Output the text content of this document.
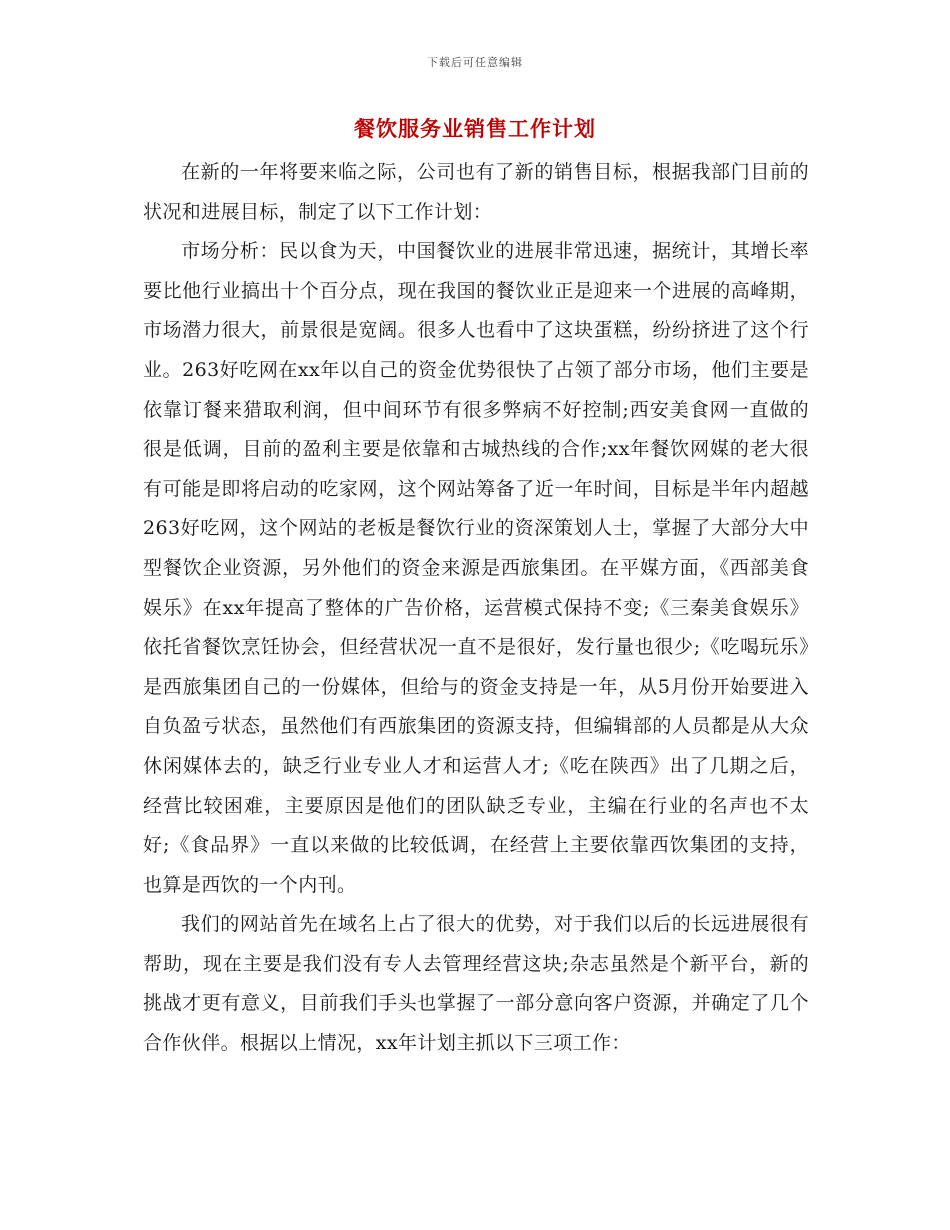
下载后可任意编辑
餐饮服务业销售工作计划

在新的一年将要来临之际，公司也有了新的销售目标，根据我部门目前的状况和进展目标，制定了以下工作计划：

市场分析：民以食为天，中国餐饮业的进展非常迅速，据统计，其增长率要比他行业搞出十个百分点，现在我国的餐饮业正是迎来一个进展的高峰期，市场潜力很大，前景很是宽阔。很多人也看中了这块蛋糕，纷纷挤进了这个行业。263好吃网在xx年以自己的资金优势很快了占领了部分市场，他们主要是依靠订餐来猎取利润，但中间环节有很多弊病不好控制;西安美食网一直做的很是低调，目前的盈利主要是依靠和古城热线的合作;xx年餐饮网媒的老大很有可能是即将启动的吃家网，这个网站筹备了近一年时间，目标是半年内超越263好吃网，这个网站的老板是餐饮行业的资深策划人士，掌握了大部分大中型餐饮企业资源，另外他们的资金来源是西旅集团。在平媒方面，《西部美食娱乐》在xx年提高了整体的广告价格，运营模式保持不变;《三秦美食娱乐》依托省餐饮烹饪协会，但经营状况一直不是很好，发行量也很少;《吃喝玩乐》是西旅集团自己的一份媒体，但给与的资金支持是一年，从5月份开始要进入自负盈亏状态，虽然他们有西旅集团的资源支持，但编辑部的人员都是从大众休闲媒体去的，缺乏行业专业人才和运营人才;《吃在陕西》出了几期之后，经营比较困难，主要原因是他们的团队缺乏专业，主编在行业的名声也不太好;《食品界》一直以来做的比较低调，在经营上主要依靠西饮集团的支持，也算是西饮的一个内刊。

我们的网站首先在域名上占了很大的优势，对于我们以后的长远进展很有帮助，现在主要是我们没有专人去管理经营这块;杂志虽然是个新平台，新的挑战才更有意义，目前我们手头也掌握了一部分意向客户资源，并确定了几个合作伙伴。根据以上情况，xx年计划主抓以下三项工作：
